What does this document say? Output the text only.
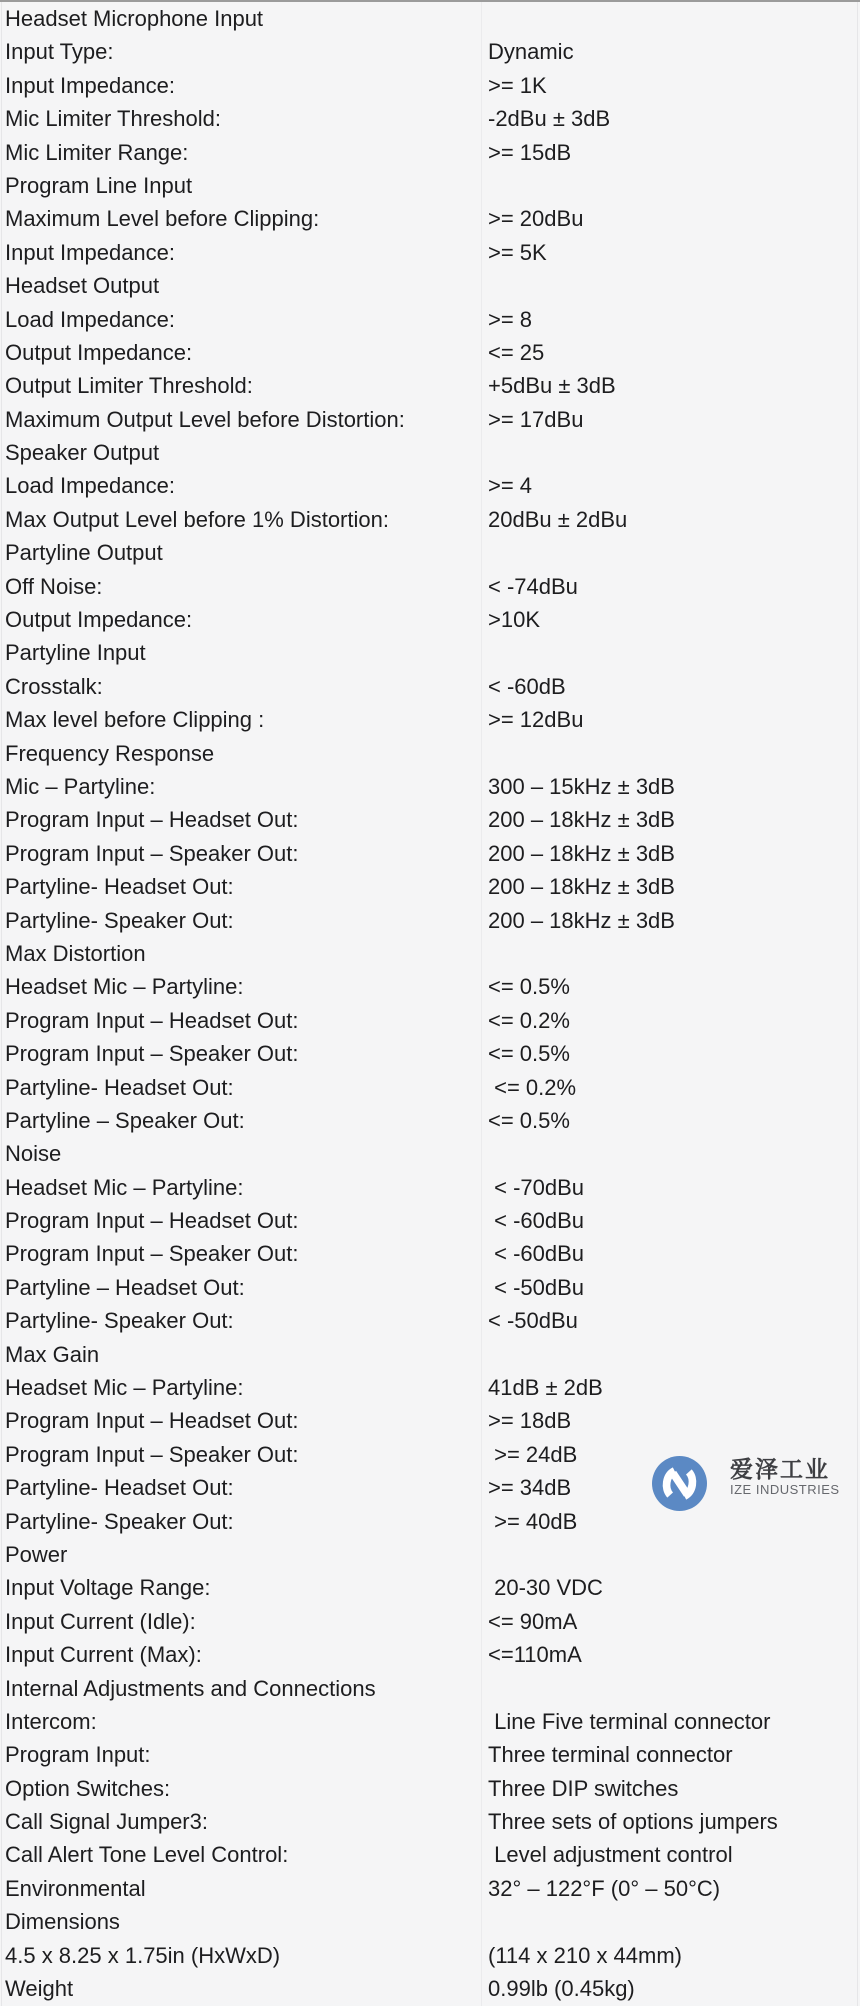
Headset Microphone Input
Input Type:	Dynamic
Input Impedance:	>= 1K
Mic Limiter Threshold:	-2dBu ± 3dB
Mic Limiter Range:	>= 15dB
Program Line Input
Maximum Level before Clipping:	>= 20dBu
Input Impedance:	>= 5K
Headset Output
Load Impedance:	>= 8
Output Impedance:	<= 25
Output Limiter Threshold:	+5dBu ± 3dB
Maximum Output Level before Distortion:	>= 17dBu
Speaker Output
Load Impedance:	>= 4
Max Output Level before 1% Distortion:	20dBu ± 2dBu
Partyline Output
Off Noise:	< -74dBu
Output Impedance:	>10K
Partyline Input
Crosstalk:	< -60dB
Max level before Clipping :	>= 12dBu
Frequency Response
Mic – Partyline:	300 – 15kHz ± 3dB
Program Input – Headset Out:	200 – 18kHz ± 3dB
Program Input – Speaker Out:	200 – 18kHz ± 3dB
Partyline- Headset Out:	200 – 18kHz ± 3dB
Partyline- Speaker Out:	200 – 18kHz ± 3dB
Max Distortion
Headset Mic – Partyline:	<= 0.5%
Program Input – Headset Out:	<= 0.2%
Program Input – Speaker Out:	<= 0.5%
Partyline- Headset Out:	<= 0.2%
Partyline – Speaker Out:	<= 0.5%
Noise
Headset Mic – Partyline:	< -70dBu
Program Input – Headset Out:	< -60dBu
Program Input – Speaker Out:	< -60dBu
Partyline – Headset Out:	< -50dBu
Partyline- Speaker Out:	< -50dBu
Max Gain
Headset Mic – Partyline:	41dB ± 2dB
Program Input – Headset Out:	>= 18dB
Program Input – Speaker Out:	>= 24dB
Partyline- Headset Out:	>= 34dB
Partyline- Speaker Out:	>= 40dB
Power
Input Voltage Range:	20-30 VDC
Input Current (Idle):	<= 90mA
Input Current (Max):	<=110mA
Internal Adjustments and Connections
Intercom:	Line Five terminal connector
Program Input:	Three terminal connector
Option Switches:	Three DIP switches
Call Signal Jumper3:	Three sets of options jumpers
Call Alert Tone Level Control:	Level adjustment control
Environmental	32° – 122°F (0° – 50°C)
Dimensions
4.5 x 8.25 x 1.75in (HxWxD)	(114 x 210 x 44mm)
Weight	0.99lb (0.45kg)
爱泽工业
IZE INDUSTRIES
